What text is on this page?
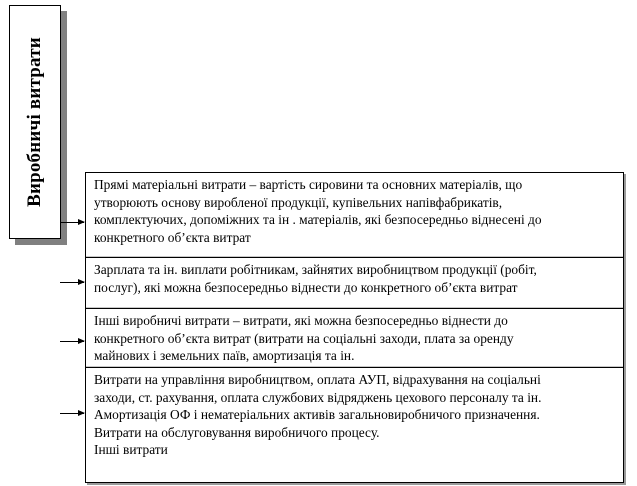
Виробничі витрати	Прямі матеріальні витрати – вартість сировини та основних матеріалів, що
утворюють основу виробленої продукції, купівельних напівфабрикатів,
комплектуючих, допоміжних та ін . матеріалів, які безпосередньо віднесені до
конкретного об’єкта витрат
Зарплата та ін. виплати робітникам, зайнятих виробництвом продукції (робіт,
послуг), які можна безпосередньо віднести до конкретного об’єкта витрат
Інші виробничі витрати – витрати, які можна безпосередньо віднести до
конкретного об’єкта витрат (витрати на соціальні заходи, плата за оренду
майнових і земельних паїв, амортизація та ін.
Витрати на управління виробництвом, оплата АУП, відрахування на соціальні
заходи, ст. рахування, оплата службових відряджень цехового персоналу та ін.
Амортизація ОФ і нематеріальних активів загальновиробничого призначення.
Витрати на обслуговування виробничого процесу.
Інші витрати
